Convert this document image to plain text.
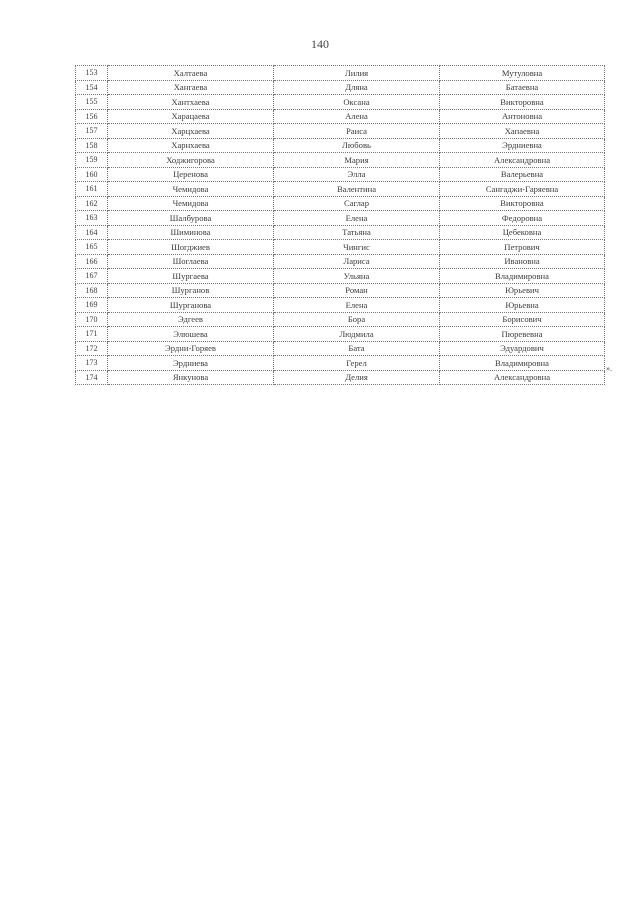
140
153	Халтаева	Лилия	Мутуловна
154	Хангаева	Дляна	Батаевна
155	Хантхаева	Оксана	Викторовна
156	Харацаева	Алена	Антоновна
157	Харцхаева	Раиса	Хапаевна
158	Харнхаева	Любовь	Эрдниевна
159	Ходжигорова	Мария	Александровна
160	Церенова	Элла	Валерьевна
161	Чемидова	Валентина	Сангаджи-Гаряевна
162	Чемидова	Саглар	Викторовна
163	Шалбурова	Елена	Федоровна
164	Шиминова	Татьяна	Цебековна
165	Шогджиев	Чингис	Петрович
166	Шоглаева	Лариса	Ивановна
167	Шургаева	Ульяна	Владимировна
168	Шурганов	Роман	Юрьевич
169	Шурганова	Елена	Юрьевна
170	Эдгеев	Бора	Борисович
171	Элюшева	Людмила	Пюревевна
172	Эрдни-Горяев	Бата	Эдуардович
173	Эрдниева	Герел	Владимировна
174	Янкунова	Делия	Александровна
».
